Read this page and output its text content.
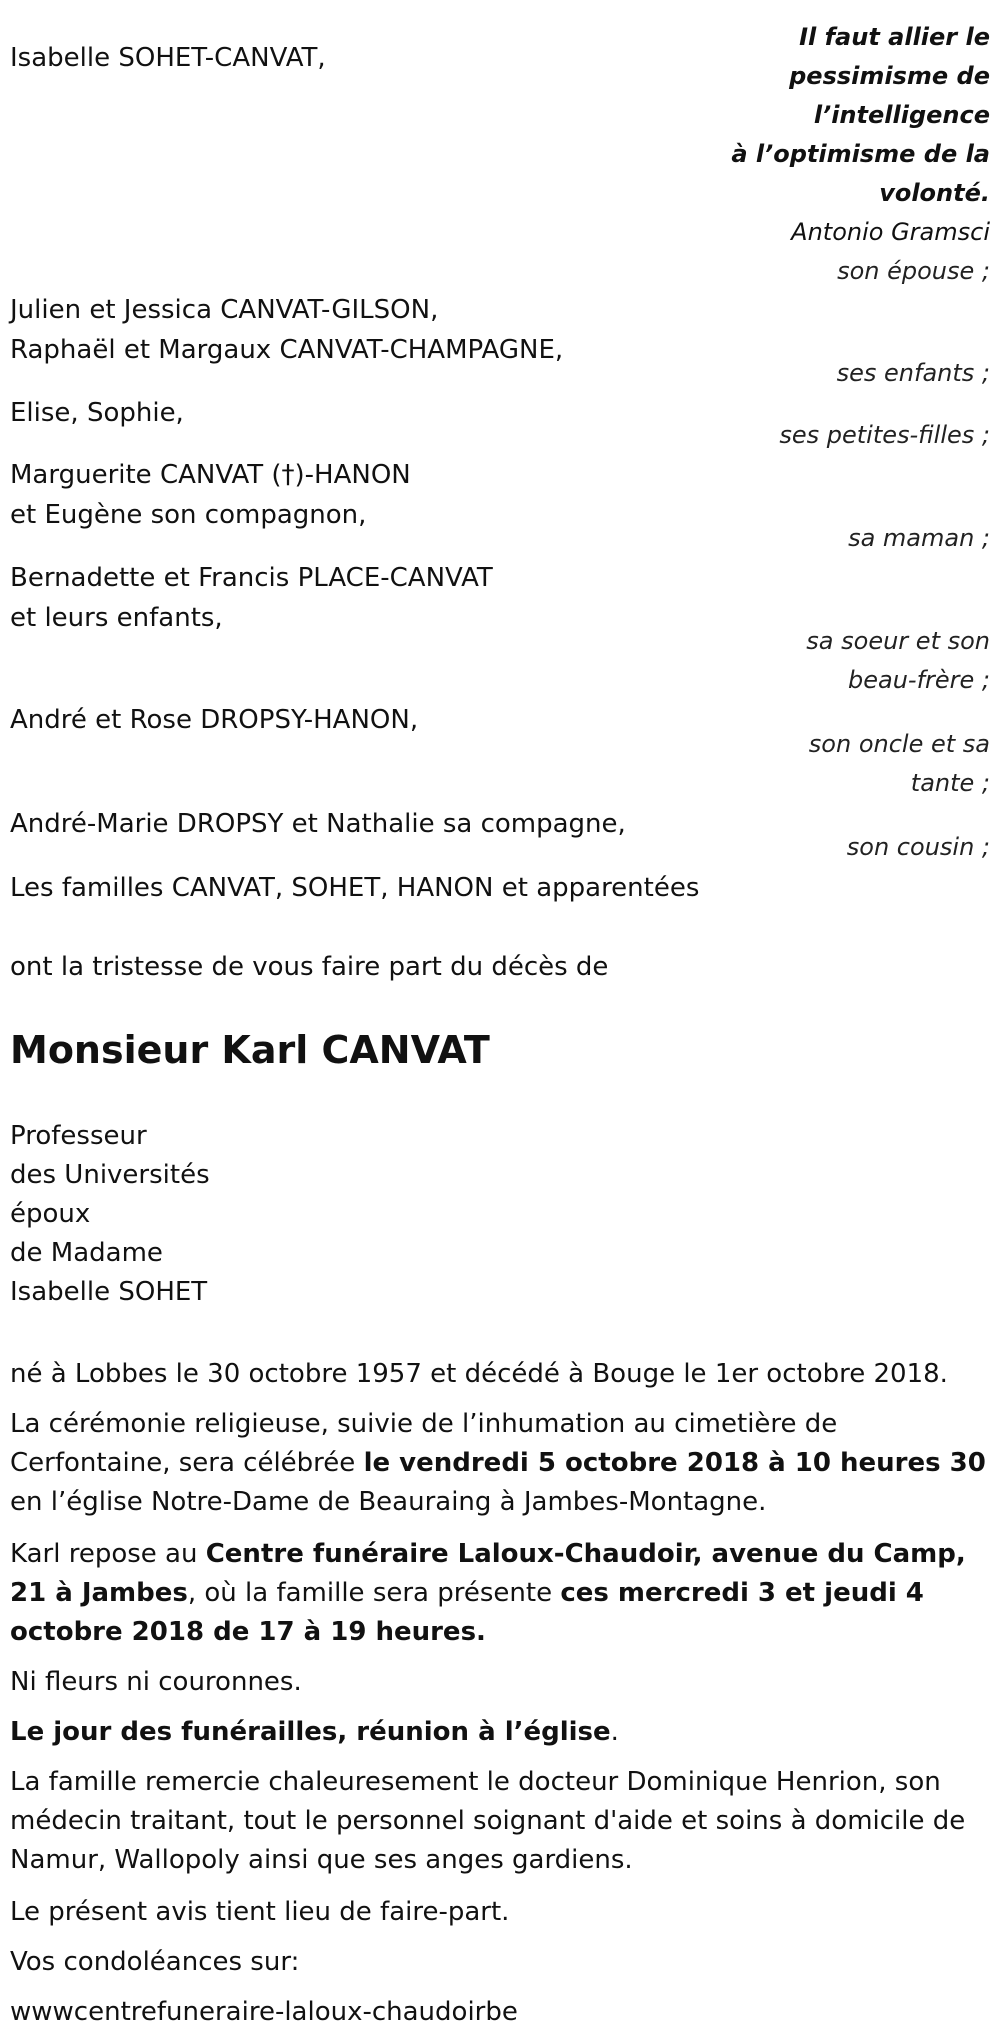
Il faut allier le
pessimisme de
l’intelligence
à l’optimisme de la
volonté.
Antonio Gramsci
Isabelle SOHET-CANVAT,
son épouse ;
Julien et Jessica CANVAT-GILSON,
Raphaël et Margaux CANVAT-CHAMPAGNE,
ses enfants ;
Elise, Sophie,
ses petites-filles ;
Marguerite CANVAT (†)-HANON
et Eugène son compagnon,
sa maman ;
Bernadette et Francis PLACE-CANVAT
et leurs enfants,
sa soeur et son
beau-frère ;
André et Rose DROPSY-HANON,
son oncle et sa
tante ;
André-Marie DROPSY et Nathalie sa compagne,
son cousin ;
Les familles CANVAT, SOHET, HANON et apparentées
ont la tristesse de vous faire part du décès de
Monsieur Karl CANVAT
Professeur
des Universités
époux
de Madame
Isabelle SOHET
né à Lobbes le 30 octobre 1957 et décédé à Bouge le 1er octobre 2018.
La cérémonie religieuse, suivie de l’inhumation au cimetière de Cerfontaine, sera célébrée le vendredi 5 octobre 2018 à 10 heures 30 en l’église Notre-Dame de Beauraing à Jambes-Montagne.
Karl repose au Centre funéraire Laloux-Chaudoir, avenue du Camp, 21 à Jambes, où la famille sera présente ces mercredi 3 et jeudi 4 octobre 2018 de 17 à 19 heures.
Ni fleurs ni couronnes.
Le jour des funérailles, réunion à l’église.
La famille remercie chaleuresement le docteur Dominique Henrion, son médecin traitant, tout le personnel soignant d'aide et soins à domicile de Namur, Wallopoly ainsi que ses anges gardiens.
Le présent avis tient lieu de faire-part.
Vos condoléances sur:
wwwcentrefuneraire-laloux-chaudoirbe
